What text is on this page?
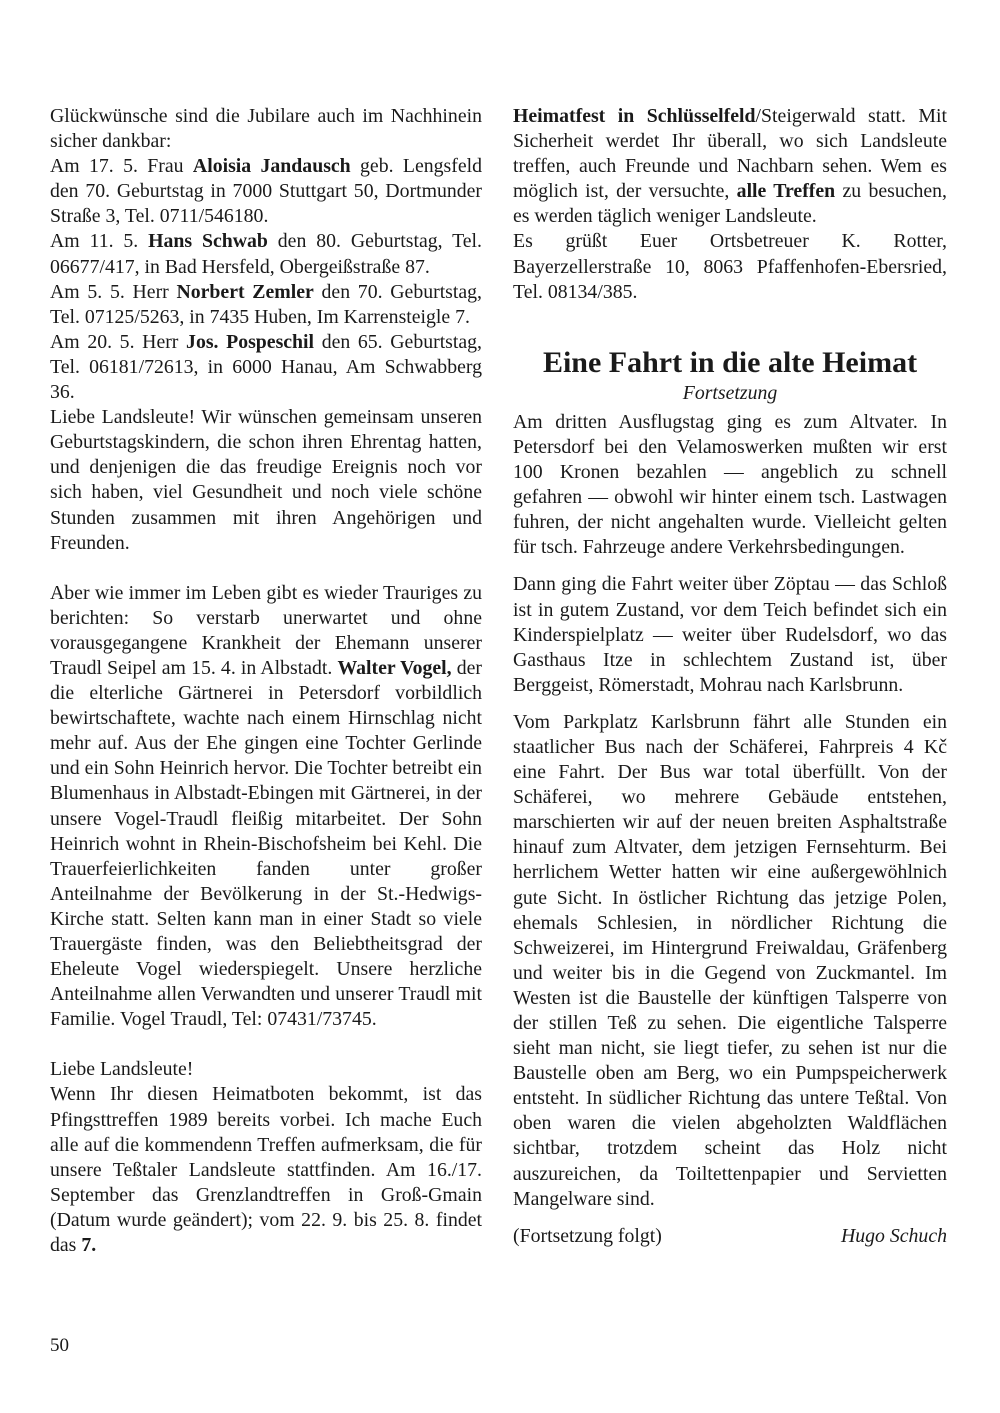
Glückwünsche sind die Jubilare auch im Nachhinein sicher dankbar:

Am 17. 5. Frau Aloisia Jandausch geb. Lengsfeld den 70. Geburtstag in 7000 Stuttgart 50, Dortmunder Straße 3, Tel. 0711/546180.

Am 11. 5. Hans Schwab den 80. Geburtstag, Tel. 06677/417, in Bad Hersfeld, Obergeißstraße 87.

Am 5. 5. Herr Norbert Zemler den 70. Geburtstag, Tel. 07125/5263, in 7435 Huben, Im Karrensteigle 7.

Am 20. 5. Herr Jos. Pospeschil den 65. Geburtstag, Tel. 06181/72613, in 6000 Hanau, Am Schwabberg 36.

Liebe Landsleute! Wir wünschen gemeinsam unseren Geburtstagskindern, die schon ihren Ehrentag hatten, und denjenigen die das freudige Ereignis noch vor sich haben, viel Gesundheit und noch viele schöne Stunden zusammen mit ihren Angehörigen und Freunden.

Aber wie immer im Leben gibt es wieder Trauriges zu berichten: So verstarb unerwartet und ohne vorausgegangene Krankheit der Ehemann unserer Traudl Seipel am 15. 4. in Albstadt. Walter Vogel, der die elterliche Gärtnerei in Petersdorf vorbildlich bewirtschaftete, wachte nach einem Hirnschlag nicht mehr auf. Aus der Ehe gingen eine Tochter Gerlinde und ein Sohn Heinrich hervor. Die Tochter betreibt ein Blumenhaus in Albstadt-Ebingen mit Gärtnerei, in der unsere Vogel-Traudl fleißig mitarbeitet. Der Sohn Heinrich wohnt in Rhein-Bischofsheim bei Kehl. Die Trauerfeierlichkeiten fanden unter großer Anteilnahme der Bevölkerung in der St.-Hedwigs-Kirche statt. Selten kann man in einer Stadt so viele Trauergäste finden, was den Beliebtheitsgrad der Eheleute Vogel wiederspiegelt. Unsere herzliche Anteilnahme allen Verwandten und unserer Traudl mit Familie. Vogel Traudl, Tel: 07431/73745.

Liebe Landsleute!

Wenn Ihr diesen Heimatboten bekommt, ist das Pfingsttreffen 1989 bereits vorbei. Ich mache Euch alle auf die kommendenn Treffen aufmerksam, die für unsere Teßtaler Landsleute stattfinden. Am 16./17. September das Grenzlandtreffen in Groß-Gmain (Datum wurde geändert); vom 22. 9. bis 25. 8. findet das 7.

Heimatfest in Schlüsselfeld/Steigerwald statt. Mit Sicherheit werdet Ihr überall, wo sich Landsleute treffen, auch Freunde und Nachbarn sehen. Wem es möglich ist, der versuchte, alle Treffen zu besuchen, es werden täglich weniger Landsleute.

Es grüßt Euer Ortsbetreuer K. Rotter, Bayerzellerstraße 10, 8063 Pfaffenhofen-Ebersried, Tel. 08134/385.

Eine Fahrt in die alte Heimat

Fortsetzung

Am dritten Ausflugstag ging es zum Altvater. In Petersdorf bei den Velamoswerken mußten wir erst 100 Kronen bezahlen — angeblich zu schnell gefahren — obwohl wir hinter einem tsch. Lastwagen fuhren, der nicht angehalten wurde. Vielleicht gelten für tsch. Fahrzeuge andere Verkehrsbedingungen.

Dann ging die Fahrt weiter über Zöptau — das Schloß ist in gutem Zustand, vor dem Teich befindet sich ein Kinderspielplatz — weiter über Rudelsdorf, wo das Gasthaus Itze in schlechtem Zustand ist, über Berggeist, Römerstadt, Mohrau nach Karlsbrunn.

Vom Parkplatz Karlsbrunn fährt alle Stunden ein staatlicher Bus nach der Schäferei, Fahrpreis 4 Kč eine Fahrt. Der Bus war total überfüllt. Von der Schäferei, wo mehrere Gebäude entstehen, marschierten wir auf der neuen breiten Asphaltstraße hinauf zum Altvater, dem jetzigen Fernsehturm. Bei herrlichem Wetter hatten wir eine außergewöhlnich gute Sicht. In östlicher Richtung das jetzige Polen, ehemals Schlesien, in nördlicher Richtung die Schweizerei, im Hintergrund Freiwaldau, Gräfenberg und weiter bis in die Gegend von Zuckmantel. Im Westen ist die Baustelle der künftigen Talsperre von der stillen Teß zu sehen. Die eigentliche Talsperre sieht man nicht, sie liegt tiefer, zu sehen ist nur die Baustelle oben am Berg, wo ein Pumpspeicherwerk entsteht. In südlicher Richtung das untere Teßtal. Von oben waren die vielen abgeholzten Waldflächen sichtbar, trotzdem scheint das Holz nicht auszureichen, da Toiltettenpapier und Servietten Mangelware sind.

(Fortsetzung folgt)	Hugo Schuch
50
